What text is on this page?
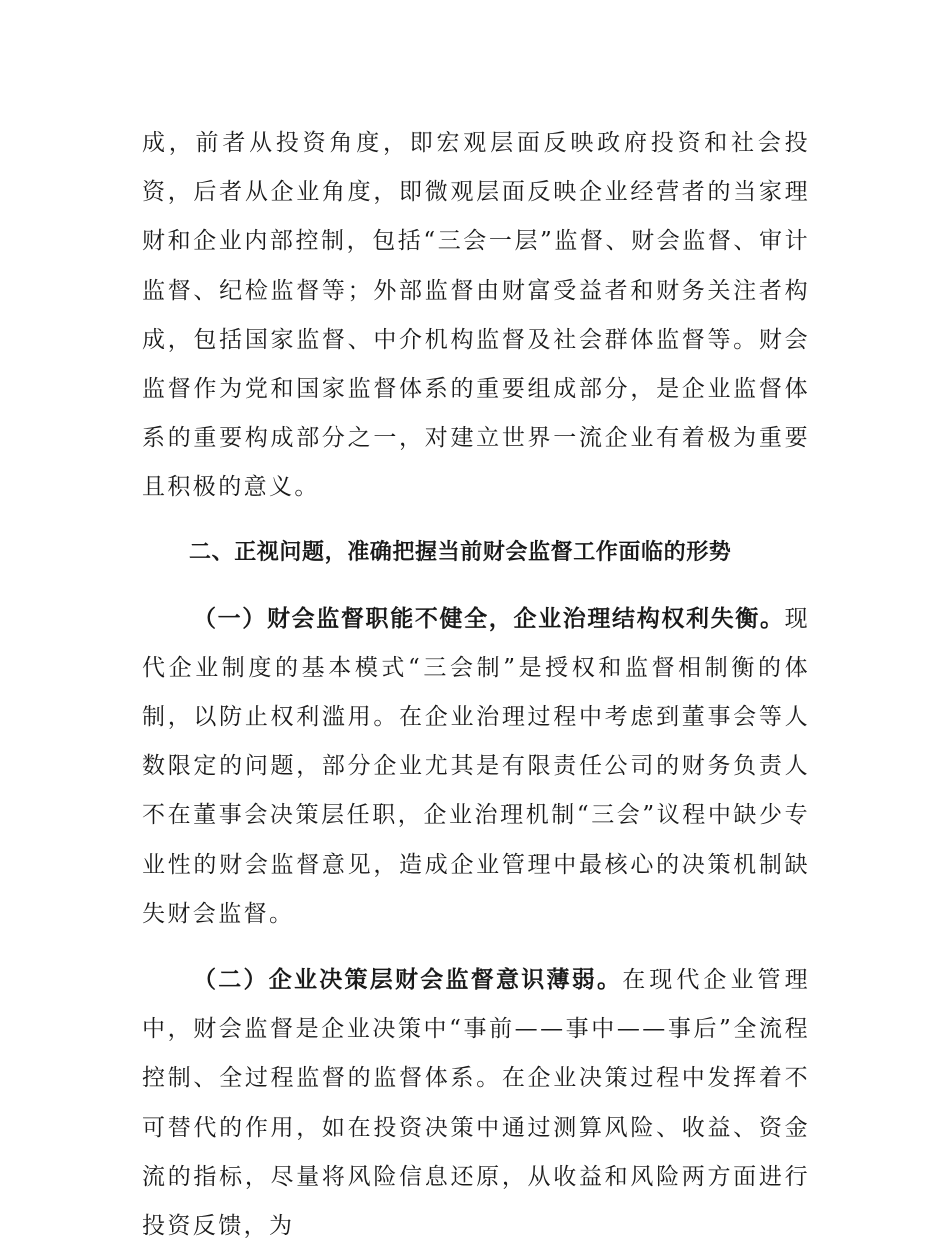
成，前者从投资角度，即宏观层面反映政府投资和社会投资，后者从企业角度，即微观层面反映企业经营者的当家理财和企业内部控制，包括“三会一层”监督、财会监督、审计监督、纪检监督等；外部监督由财富受益者和财务关注者构成，包括国家监督、中介机构监督及社会群体监督等。财会监督作为党和国家监督体系的重要组成部分，是企业监督体系的重要构成部分之一，对建立世界一流企业有着极为重要且积极的意义。

二、正视问题，准确把握当前财会监督工作面临的形势

（一）财会监督职能不健全，企业治理结构权利失衡。现代企业制度的基本模式“三会制”是授权和监督相制衡的体制，以防止权利滥用。在企业治理过程中考虑到董事会等人数限定的问题，部分企业尤其是有限责任公司的财务负责人不在董事会决策层任职，企业治理机制“三会”议程中缺少专业性的财会监督意见，造成企业管理中最核心的决策机制缺失财会监督。

（二）企业决策层财会监督意识薄弱。在现代企业管理中，财会监督是企业决策中“事前——事中——事后”全流程控制、全过程监督的监督体系。在企业决策过程中发挥着不可替代的作用，如在投资决策中通过测算风险、收益、资金流的指标，尽量将风险信息还原，从收益和风险两方面进行投资反馈，为
